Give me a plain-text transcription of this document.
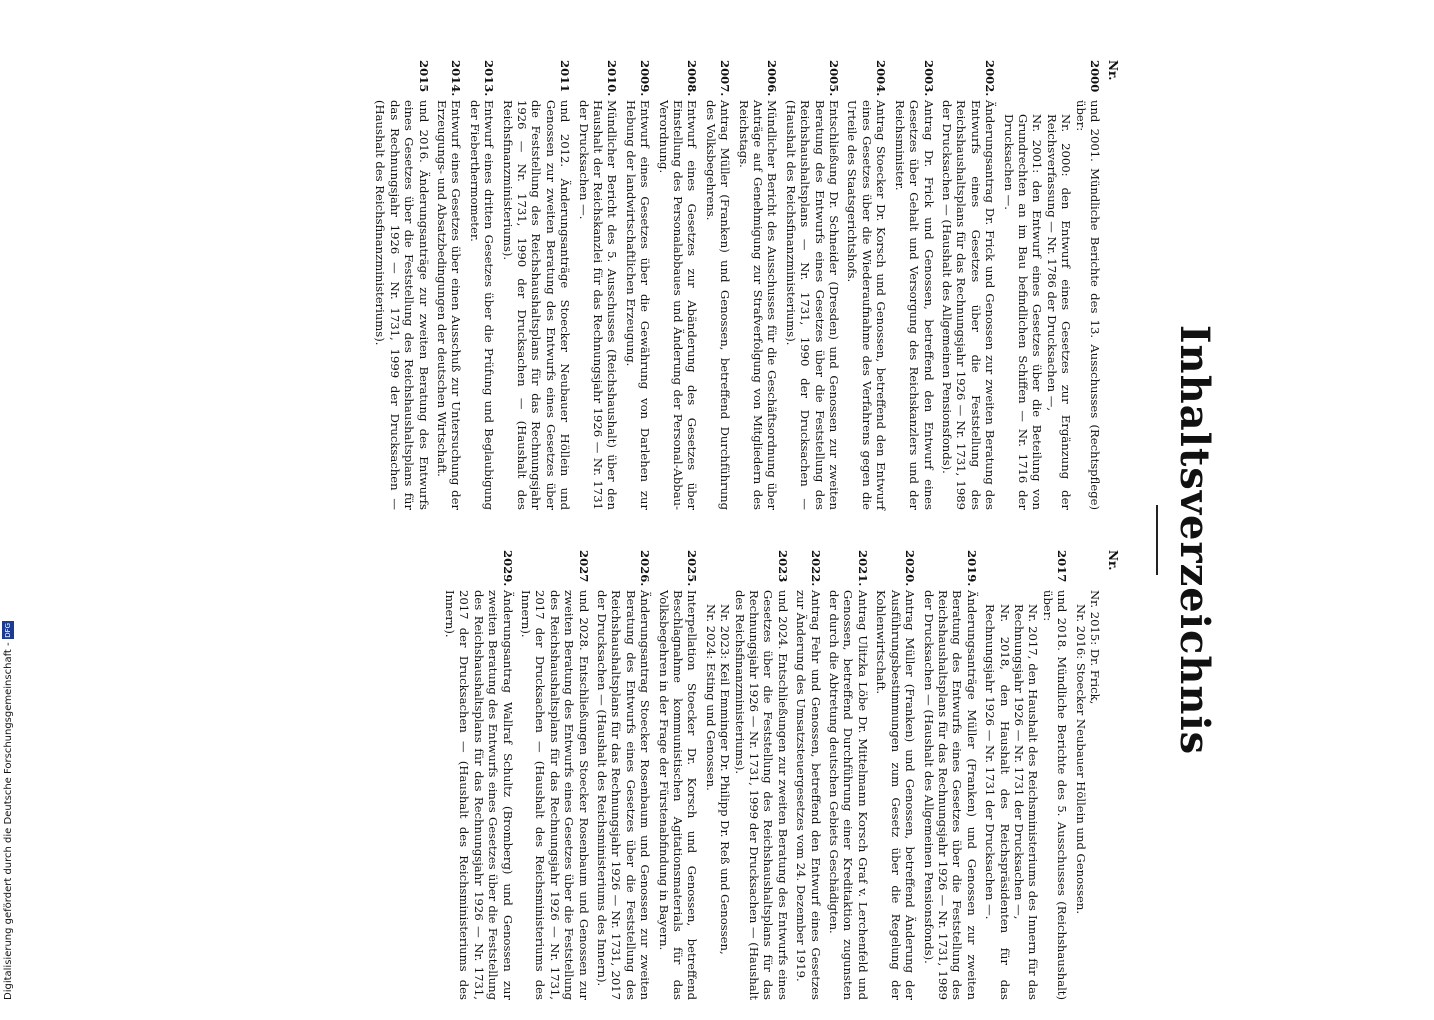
Inhaltsverzeichnis
Nr.
Nr.
2000
und 2001. Mündliche Berichte des 13. Ausschusses (Rechtspflege) über:
Nr. 2000: den Entwurf eines Gesetzes zur Ergänzung der Reichsverfassung — Nr. 1786 der Drucksachen —,
Nr. 2001: den Entwurf eines Gesetzes über die Beteilung von Grundrechten an im Bau befindlichen Schiffen — Nr. 1716 der Drucksachen —.
2002.
Änderungsantrag Dr. Frick und Genossen zur zweiten Beratung des Entwurfs eines Gesetzes über die Feststellung des Reichshaushaltsplans für das Rechnungsjahr 1926 — Nr. 1731, 1989 der Drucksachen — (Haushalt des Allgemeinen Pensionsfonds).
2003.
Antrag Dr. Frick und Genossen, betreffend den Entwurf eines Gesetzes über Gehalt und Versorgung des Reichskanzlers und der Reichsminister.
2004.
Antrag Stoecker Dr. Korsch und Genossen, betreffend den Entwurf eines Gesetzes über die Wiederaufnahme des Verfahrens gegen die Urteile des Staatsgerichtshofs.
2005.
Entschließung Dr. Schneider (Dresden) und Genossen zur zweiten Beratung des Entwurfs eines Gesetzes über die Feststellung des Reichshaushaltsplans — Nr. 1731, 1990 der Drucksachen — (Haushalt des Reichsfinanzministeriums).
2006.
Mündlicher Bericht des Ausschusses für die Geschäftsordnung über Anträge auf Genehmigung zur Strafverfolgung von Mitgliedern des Reichstags.
2007.
Antrag Müller (Franken) und Genossen, betreffend Durchführung des Volksbegehrens.
2008.
Entwurf eines Gesetzes zur Abänderung des Gesetzes über Einstellung des Personalabbaues und Änderung der Personal-Abbau-Verordnung.
2009.
Entwurf eines Gesetzes über die Gewährung von Darlehen zur Hebung der landwirtschaftlichen Erzeugung.
2010.
Mündlicher Bericht des 5. Ausschusses (Reichshaushalt) über den Haushalt der Reichskanzlei für das Rechnungsjahr 1926 — Nr. 1731 der Drucksachen —.
2011
und 2012. Änderungsanträge Stoecker Neubauer Höllein und Genossen zur zweiten Beratung des Entwurfs eines Gesetzes über die Feststellung des Reichshaushaltsplans für das Rechnungsjahr 1926 — Nr. 1731, 1990 der Drucksachen — (Haushalt des Reichsfinanzministeriums).
2013.
Entwurf eines dritten Gesetzes über die Prüfung und Beglaubigung der Fieberthermometer.
2014.
Entwurf eines Gesetzes über einen Ausschuß zur Untersuchung der Erzeugungs- und Absatzbedingungen der deutschen Wirtschaft.
2015
und 2016. Änderungsanträge zur zweiten Beratung des Entwurfs eines Gesetzes über die Feststellung des Reichshaushaltsplans für das Rechnungsjahr 1926 — Nr. 1731, 1999 der Drucksachen — (Haushalt des Reichsfinanzministeriums).
Nr. 2015: Dr. Frick,
Nr. 2016: Stoecker Neubauer Höllein und Genossen.
2017
und 2018. Mündliche Berichte des 5. Ausschusses (Reichshaushalt) über:
Nr. 2017, den Haushalt des Reichsministeriums des Innern für das Rechnungsjahr 1926 — Nr. 1731 der Drucksachen —,
Nr. 2018, den Haushalt des Reichspräsidenten für das Rechnungsjahr 1926 — Nr. 1731 der Drucksachen —.
2019.
Änderungsanträge Müller (Franken) und Genossen zur zweiten Beratung des Entwurfs eines Gesetzes über die Feststellung des Reichshaushaltsplans für das Rechnungsjahr 1926 — Nr. 1731, 1989 der Drucksachen — (Haushalt des Allgemeinen Pensionsfonds).
2020.
Antrag Müller (Franken) und Genossen, betreffend Änderung der Ausführungsbestimmungen zum Gesetz über die Regelung der Kohlenwirtschaft.
2021.
Antrag Ulitzka Löbe Dr. Mittelmann Korsch Graf v. Lerchenfeld und Genossen, betreffend Durchführung einer Kreditaktion zugunsten der durch die Abtretung deutschen Gebiets Geschädigten.
2022.
Antrag Fehr und Genossen, betreffend den Entwurf eines Gesetzes zur Änderung des Umsatzsteuergesetzes vom 24. Dezember 1919.
2023
und 2024. Entschließungen zur zweiten Beratung des Entwurfs eines Gesetzes über die Feststellung des Reichshaushaltsplans für das Rechnungsjahr 1926 — Nr. 1731, 1999 der Drucksachen — (Haushalt des Reichsfinanzministeriums).
Nr. 2023: Keil Emminger Dr. Philipp Dr. Reß und Genossen,
Nr. 2024: Esting und Genossen.
2025.
Interpellation Stoecker Dr. Korsch und Genossen, betreffend Beschlagnahme kommunistischen Agitationsmaterials für das Volksbegehren in der Frage der Fürstenabfindung in Bayern.
2026.
Änderungsantrag Stoecker Rosenbaum und Genossen zur zweiten Beratung des Entwurfs eines Gesetzes über die Feststellung des Reichshaushaltsplans für das Rechnungsjahr 1926 — Nr. 1731, 2017 der Drucksachen — (Haushalt des Reichsministeriums des Innern).
2027
und 2028. Entschließungen Stoecker Rosenbaum und Genossen zur zweiten Beratung des Entwurfs eines Gesetzes über die Feststellung des Reichshaushaltsplans für das Rechnungsjahr 1926 — Nr. 1731, 2017 der Drucksachen — (Haushalt des Reichsministeriums des Innern).
2029.
Änderungsantrag Wallraf Schultz (Bromberg) und Genossen zur zweiten Beratung des Entwurfs eines Gesetzes über die Feststellung des Reichshaushaltsplans für das Rechnungsjahr 1926 — Nr. 1731, 2017 der Drucksachen — (Haushalt des Reichsministeriums des Innern).
Digitalisierung gefördert durch die Deutsche Forschungsgemeinschaft -DFG
